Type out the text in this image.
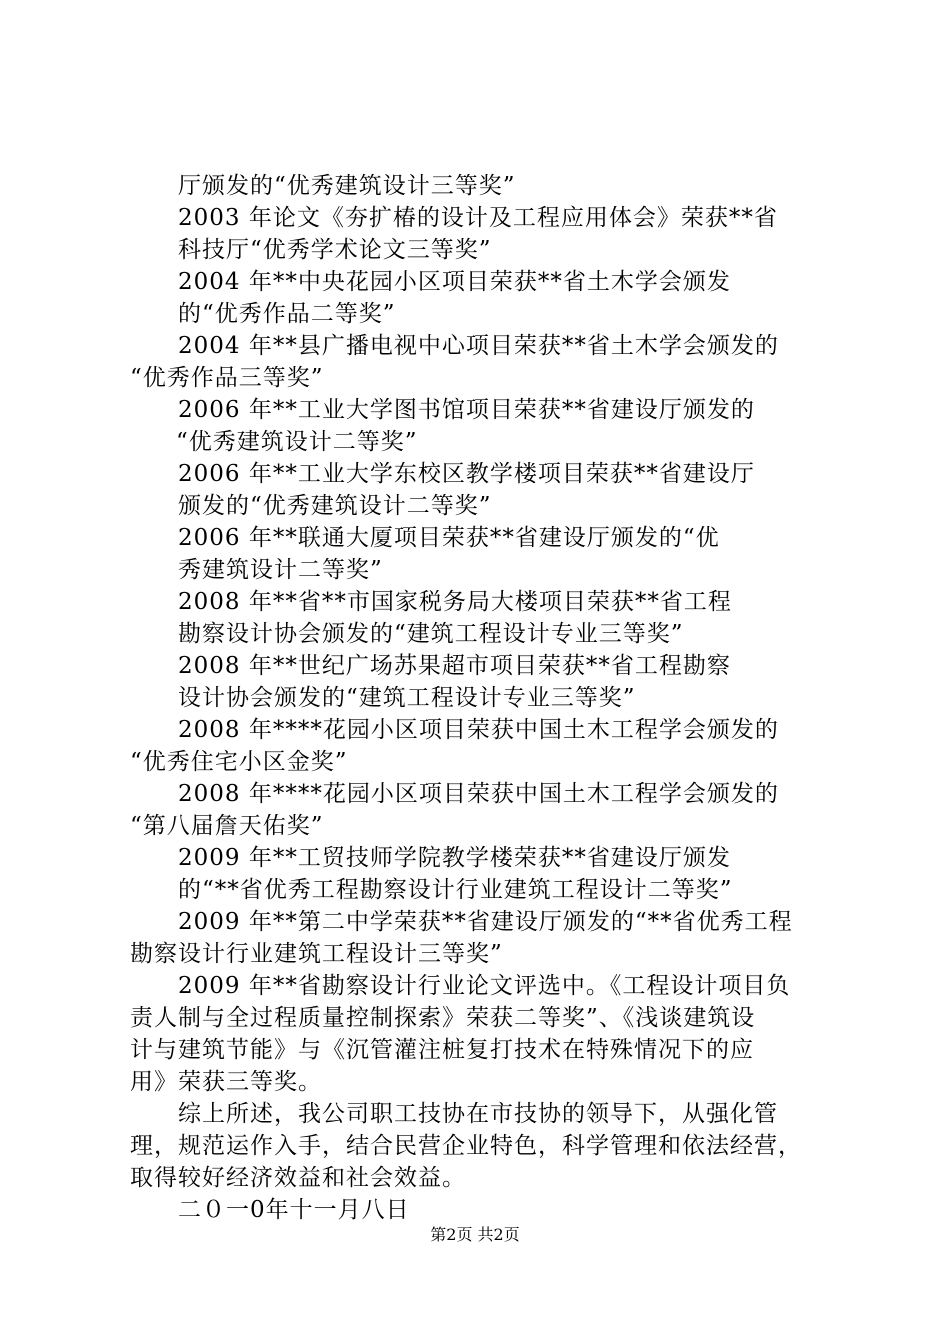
厅颁发的“优秀建筑设计三等奖”
2003 年论文《夯扩椿的设计及工程应用体会》荣获**省
科技厅“优秀学术论文三等奖”
2004 年**中央花园小区项目荣获**省土木学会颁发
的“优秀作品二等奖”
2004 年**县广播电视中心项目荣获**省土木学会颁发的
“优秀作品三等奖”
2006 年**工业大学图书馆项目荣获**省建设厅颁发的
“优秀建筑设计二等奖”
2006 年**工业大学东校区教学楼项目荣获**省建设厅
颁发的“优秀建筑设计二等奖”
2006 年**联通大厦项目荣获**省建设厅颁发的“优
秀建筑设计二等奖”
2008 年**省**市国家税务局大楼项目荣获**省工程
勘察设计协会颁发的“建筑工程设计专业三等奖”
2008 年**世纪广场苏果超市项目荣获**省工程勘察
设计协会颁发的“建筑工程设计专业三等奖”
2008 年****花园小区项目荣获中国土木工程学会颁发的
“优秀住宅小区金奖”
2008 年****花园小区项目荣获中国土木工程学会颁发的
“第八届詹天佑奖”
2009 年**工贸技师学院教学楼荣获**省建设厅颁发
的“**省优秀工程勘察设计行业建筑工程设计二等奖”
2009 年**第二中学荣获**省建设厅颁发的“**省优秀工程
勘察设计行业建筑工程设计三等奖”
2009 年**省勘察设计行业论文评选中。《工程设计项目负
责人制与全过程质量控制探索》荣获二等奖”、《浅谈建筑设
计与建筑节能》与《沉管灌注桩复打技术在特殊情况下的应
用》荣获三等奖。
综上所述，我公司职工技协在市技协的领导下，从强化管
理，规范运作入手，结合民营企业特色，科学管理和依法经营，
取得较好经济效益和社会效益。
二０一0年十一月八日
第2页 共2页
